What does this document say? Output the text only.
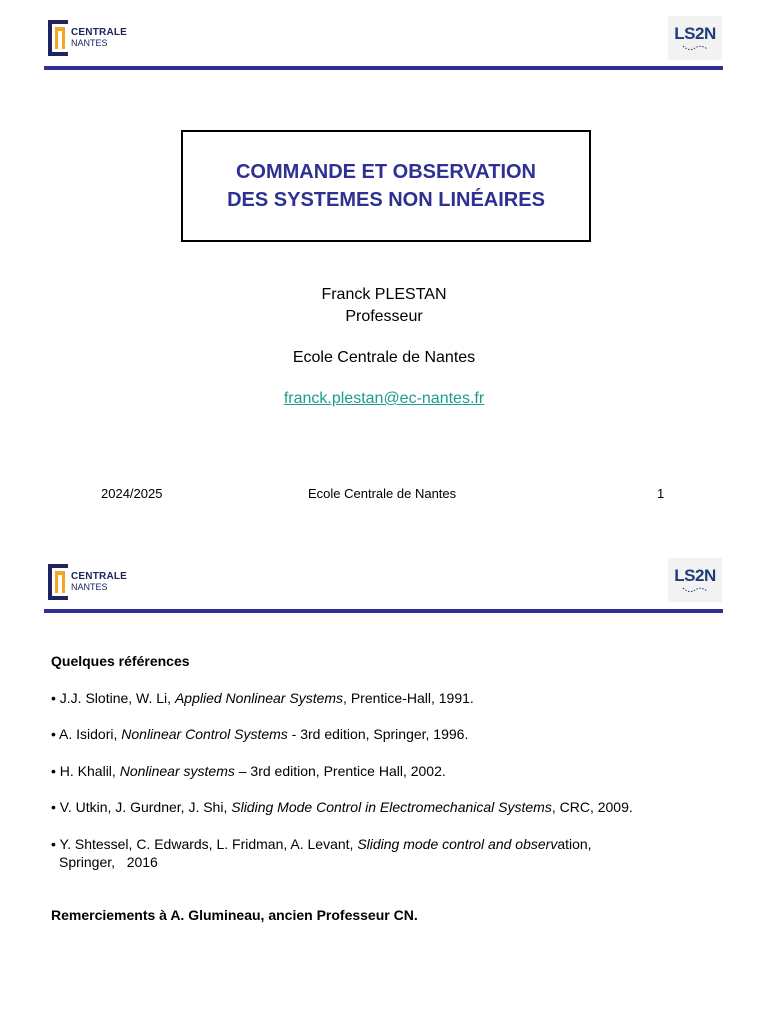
CENTRALE
NANTES	LS2N
COMMANDE ET OBSERVATION
DES SYSTEMES NON LINÉAIRES
Franck PLESTAN
Professeur
Ecole Centrale de Nantes
franck.plestan@ec-nantes.fr
2024/2025	Ecole Centrale de Nantes	1
CENTRALE
NANTES
LS2N
Quelques références
• J.J. Slotine, W. Li, Applied Nonlinear Systems, Prentice-Hall, 1991.
• A. Isidori, Nonlinear Control Systems - 3rd edition, Springer, 1996.
• H. Khalil, Nonlinear systems – 3rd edition, Prentice Hall, 2002.
• V. Utkin, J. Gurdner, J. Shi, Sliding Mode Control in Electromechanical Systems, CRC, 2009.
• Y. Shtessel, C. Edwards, L. Fridman, A. Levant, Sliding mode control and observation,
Springer,   2016
Remerciements à A. Glumineau, ancien Professeur CN.
